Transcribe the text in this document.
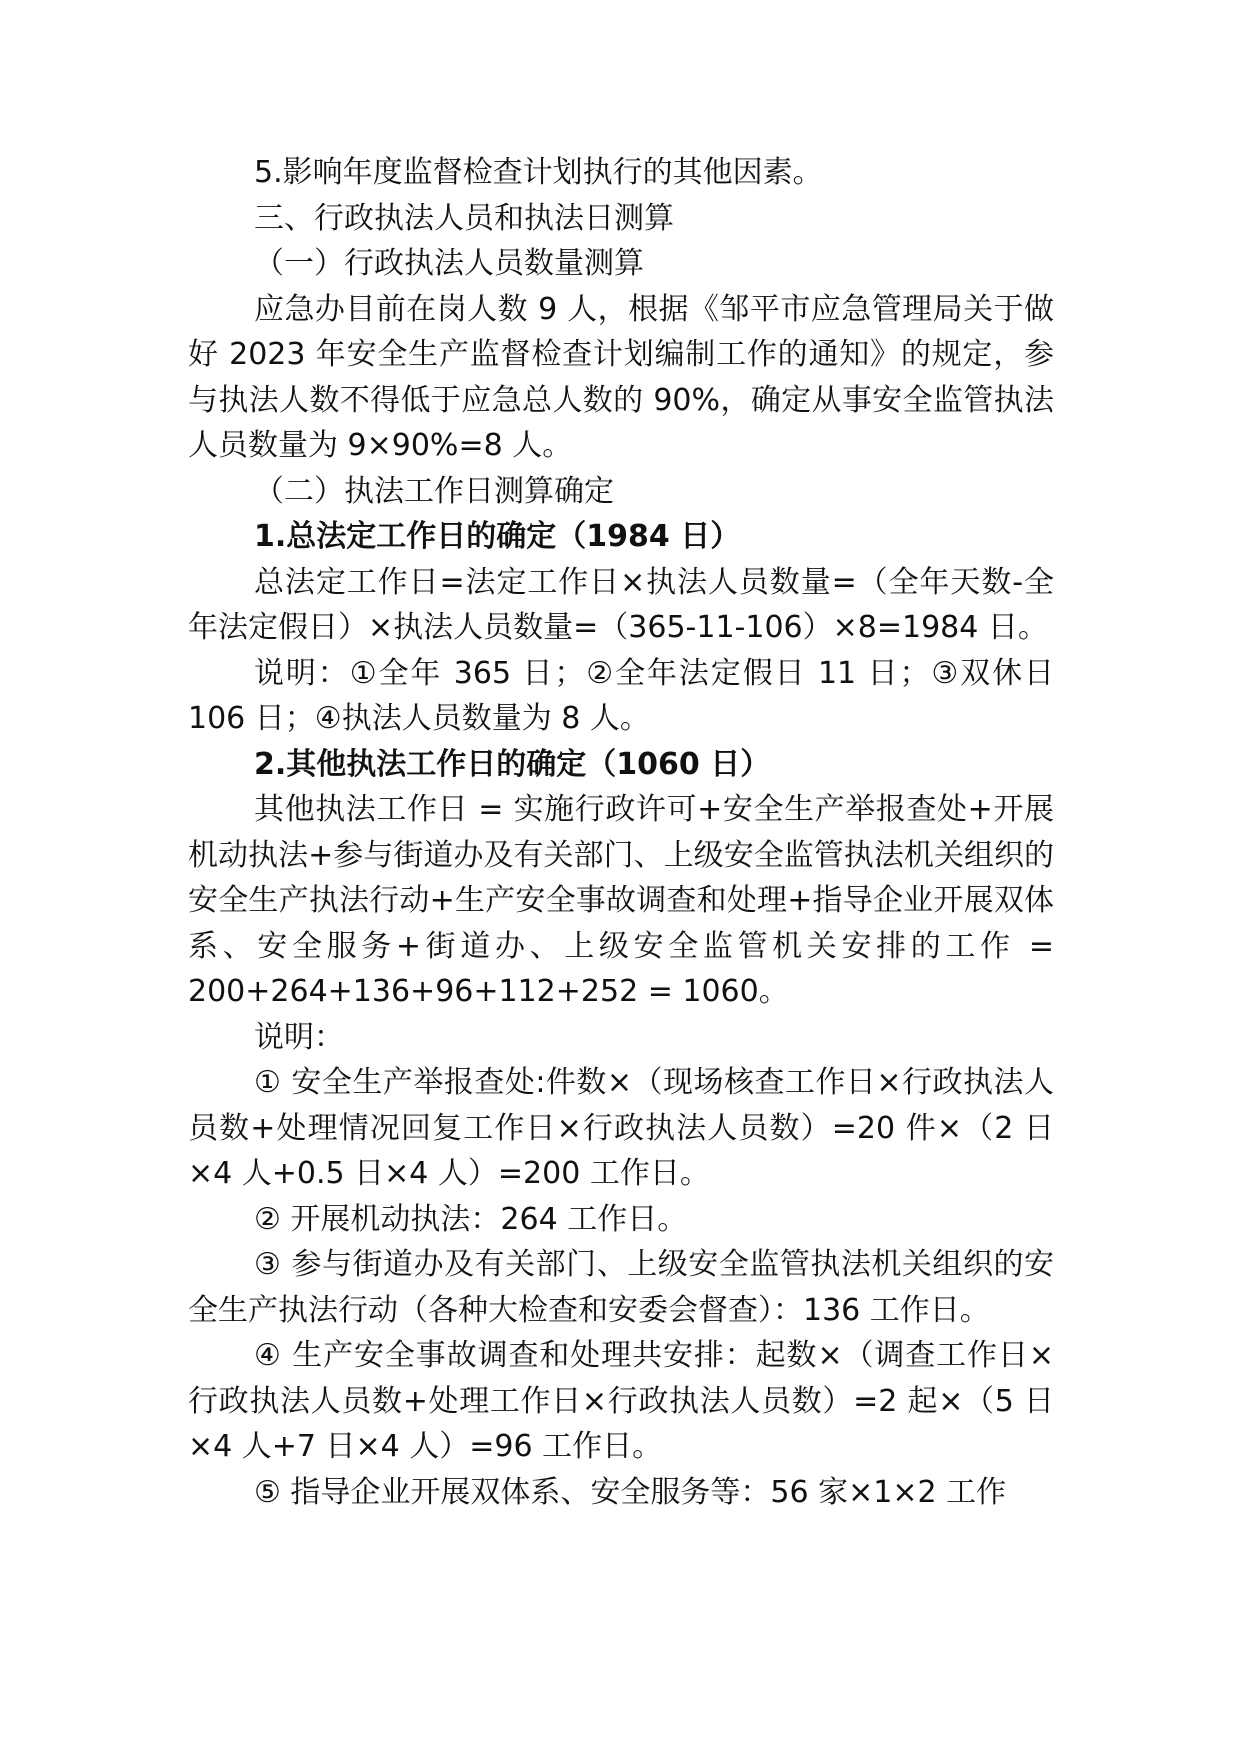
5.影响年度监督检查计划执行的其他因素。

三、行政执法人员和执法日测算

（一）行政执法人员数量测算

应急办目前在岗人数 9 人，根据《邹平市应急管理局关于做好 2023 年安全生产监督检查计划编制工作的通知》的规定，参与执法人数不得低于应急总人数的 90%，确定从事安全监管执法人员数量为 9×90%=8 人。

（二）执法工作日测算确定

1.总法定工作日的确定（1984 日）

总法定工作日=法定工作日×执法人员数量=（全年天数-全年法定假日）×执法人员数量=（365-11-106）×8=1984 日。

说明：①全年 365 日；②全年法定假日 11 日；③双休日 106 日；④执法人员数量为 8 人。

2.其他执法工作日的确定（1060 日）

其他执法工作日 = 实施行政许可+安全生产举报查处+开展机动执法+参与街道办及有关部门、上级安全监管执法机关组织的安全生产执法行动+生产安全事故调查和处理+指导企业开展双体系、安全服务+街道办、上级安全监管机关安排的工作 = 200+264+136+96+112+252 = 1060。

说明：

① 安全生产举报查处:件数×（现场核查工作日×行政执法人员数+处理情况回复工作日×行政执法人员数）=20 件×（2 日×4 人+0.5 日×4 人）=200 工作日。

② 开展机动执法：264 工作日。

③ 参与街道办及有关部门、上级安全监管执法机关组织的安全生产执法行动（各种大检查和安委会督查）：136 工作日。

④ 生产安全事故调查和处理共安排：起数×（调查工作日×行政执法人员数+处理工作日×行政执法人员数）=2 起×（5 日×4 人+7 日×4 人）=96 工作日。

⑤ 指导企业开展双体系、安全服务等：56 家×1×2 工作
